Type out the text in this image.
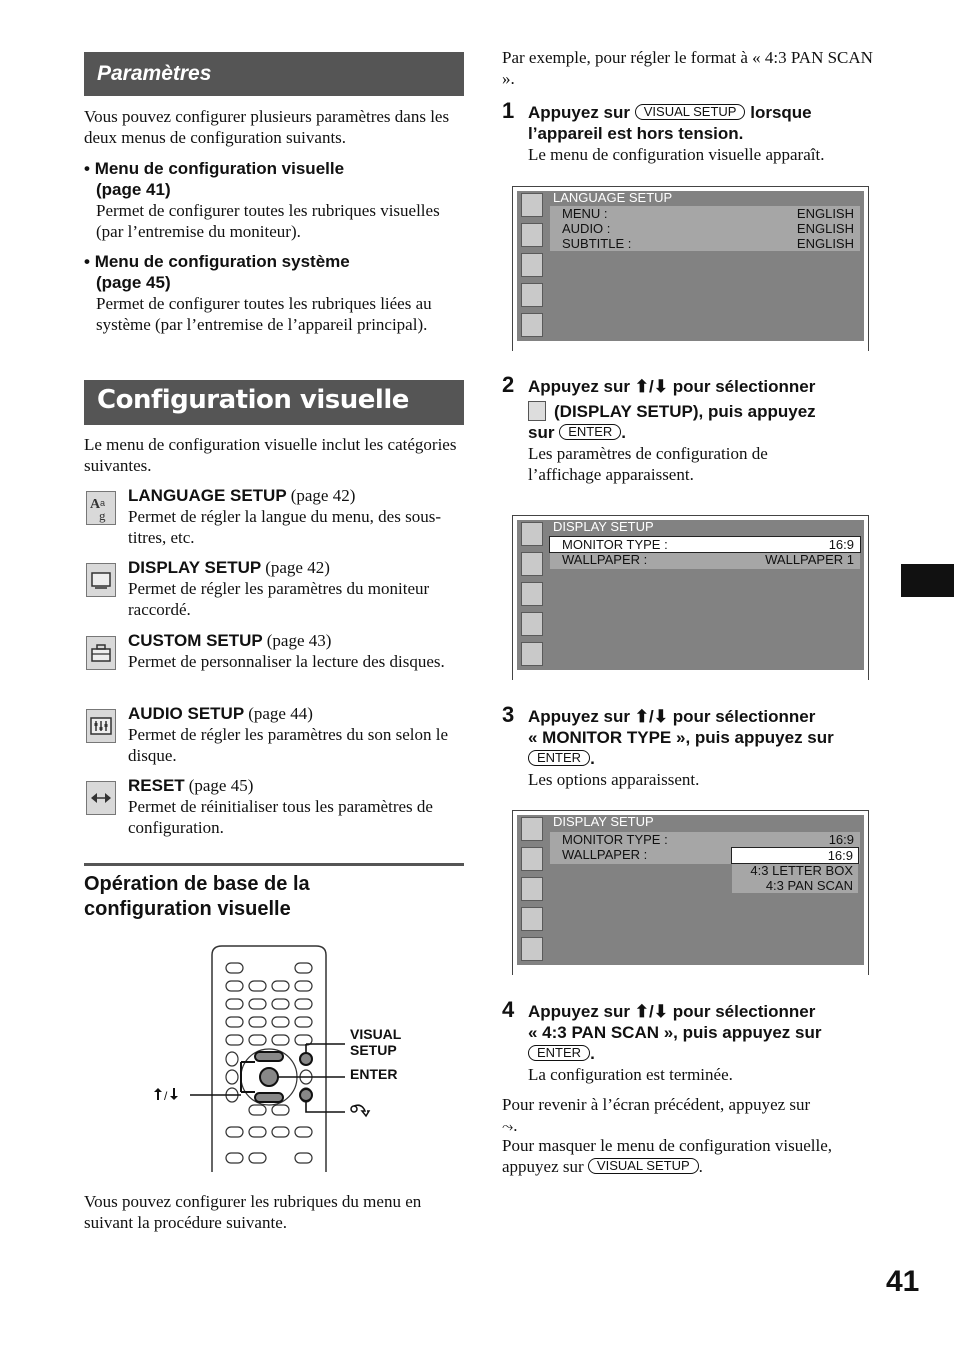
Paramètres
Vous pouvez configurer plusieurs paramètres dans les deux menus de configuration suivants.
• Menu de configuration visuelle
(page 41)
Permet de configurer toutes les rubriques visuelles (par l’entremise du moniteur).
• Menu de configuration système
(page 45)
Permet de configurer toutes les rubriques liées au système (par l’entremise de l’appareil principal).
Configuration visuelle
Le menu de configuration visuelle inclut les catégories suivantes.
A
g
a LANGUAGE SETUP (page 42)
Permet de régler la langue du menu, des sous-titres, etc.
DISPLAY SETUP (page 42)
Permet de régler les paramètres du moniteur raccordé.
CUSTOM SETUP (page 43)
Permet de personnaliser la lecture des disques.
AUDIO SETUP (page 44)
Permet de régler les paramètres du son selon le disque.
RESET (page 45)
Permet de réinitialiser tous les paramètres de configuration.
Opération de base de la
configuration visuelle
/
VISUAL
SETUP
ENTER
Vous pouvez configurer les rubriques du menu en suivant la procédure suivante.
Par exemple, pour régler le format à « 4:3 PAN SCAN ».
1 Appuyez sur VISUAL SETUP lorsque
l’appareil est hors tension.
Le menu de configuration visuelle apparaît.
LANGUAGE SETUP
MENU :	ENGLISH
AUDIO :	ENGLISH
SUBTITLE :	ENGLISH
2 Appuyez sur ⬆/⬇ pour sélectionner
(DISPLAY SETUP), puis appuyez
sur ENTER .
Les paramètres de configuration de l’affichage apparaissent.
DISPLAY SETUP
MONITOR TYPE :	16:9
WALLPAPER :	WALLPAPER 1
3 Appuyez sur ⬆/⬇ pour sélectionner
« MONITOR TYPE », puis appuyez sur
ENTER .
Les options apparaissent.
DISPLAY SETUP
MONITOR TYPE :	16:9
WALLPAPER :	16:9
4:3 LETTER BOX
4:3 PAN SCAN
4 Appuyez sur ⬆/⬇ pour sélectionner
« 4:3 PAN SCAN », puis appuyez sur
ENTER .
La configuration est terminée.
Pour revenir à l’écran précédent, appuyez sur
⤳.
Pour masquer le menu de configuration visuelle,
appuyez sur VISUAL SETUP .
41
